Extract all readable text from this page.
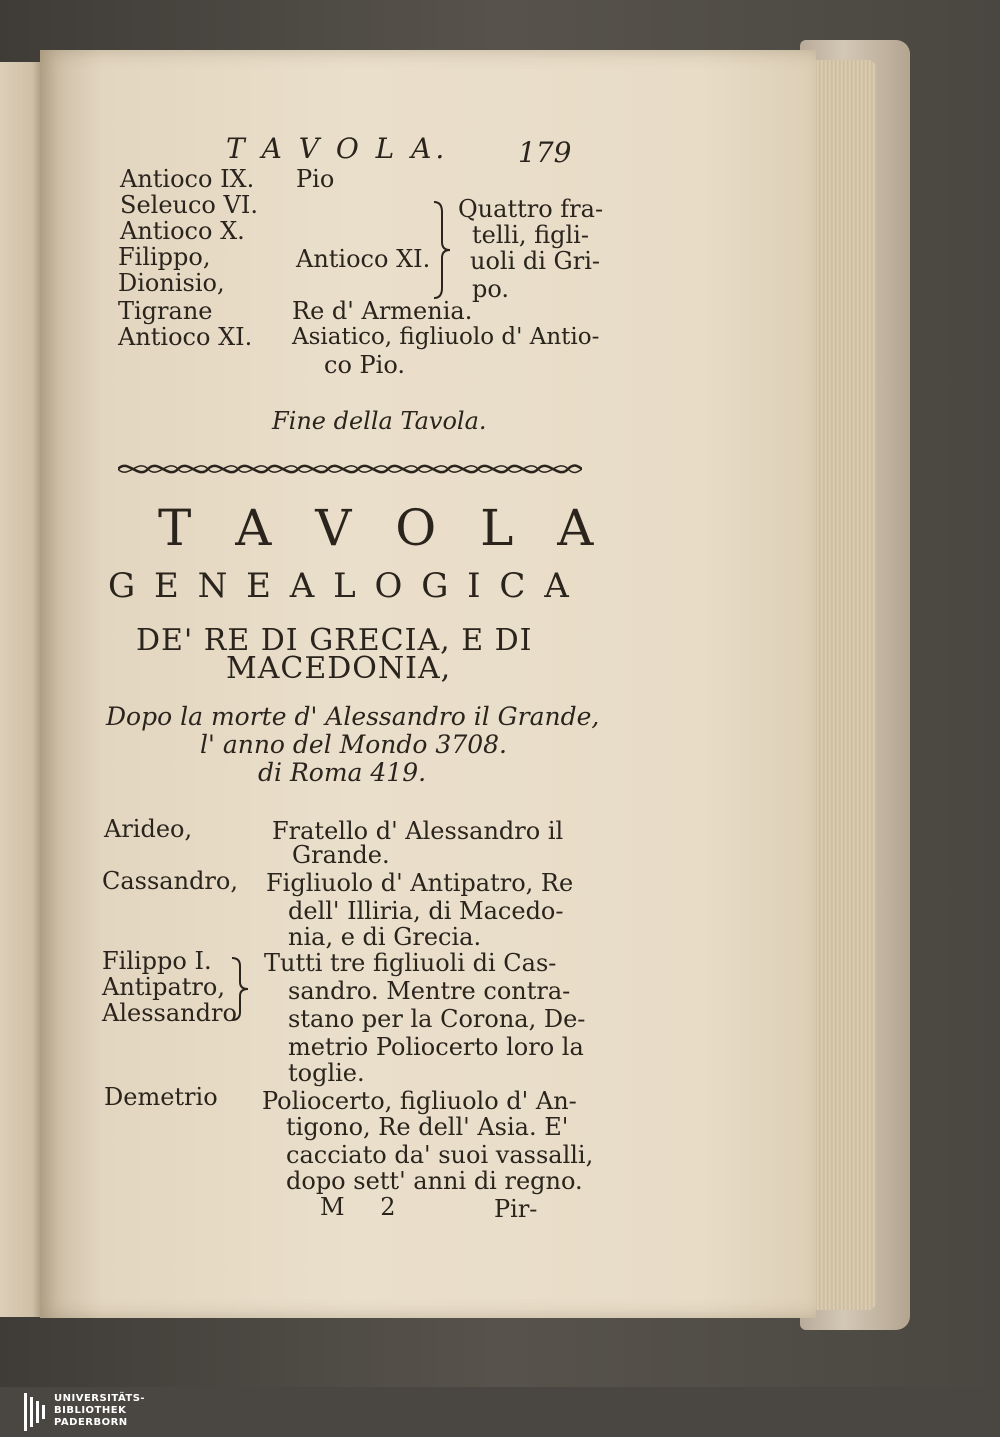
T A V O L A. 179
Antioco IX.
Seleuco VI.
Antioco X.
Filippo,
Dionisio,
Tigrane
Antioco XI.
Pio
Antioco XI.
Re d' Armenia.
Asiatico, figliuolo d' Antio-
co Pio.
Quattro fra-
telli, figli-
uoli di Gri-
po.
Fine della Tavola.
T A V O L A
G E N E A L O G I C A
DE' RE DI GRECIA, E DI
MACEDONIA,
Dopo la morte d' Alessandro il Grande,
l' anno del Mondo 3708.
di Roma 419.
Arideo,	Fratello d' Alessandro il
Grande.
Cassandro, Figliuolo d' Antipatro, Re
dell' Illiria, di Macedo-
nia, e di Grecia.
Filippo I.
Antipatro,
Alessandro
Tutti tre figliuoli di Cas-
sandro. Mentre contra-
stano per la Corona, De-
metrio Poliocerto loro la
toglie.
Demetrio Poliocerto, figliuolo d' An-
tigono, Re dell' Asia. E'
cacciato da' suoi vassalli,
dopo sett' anni di regno.
M 2	Pir-
UNIVERSITÄTS-
BIBLIOTHEK
PADERBORN
